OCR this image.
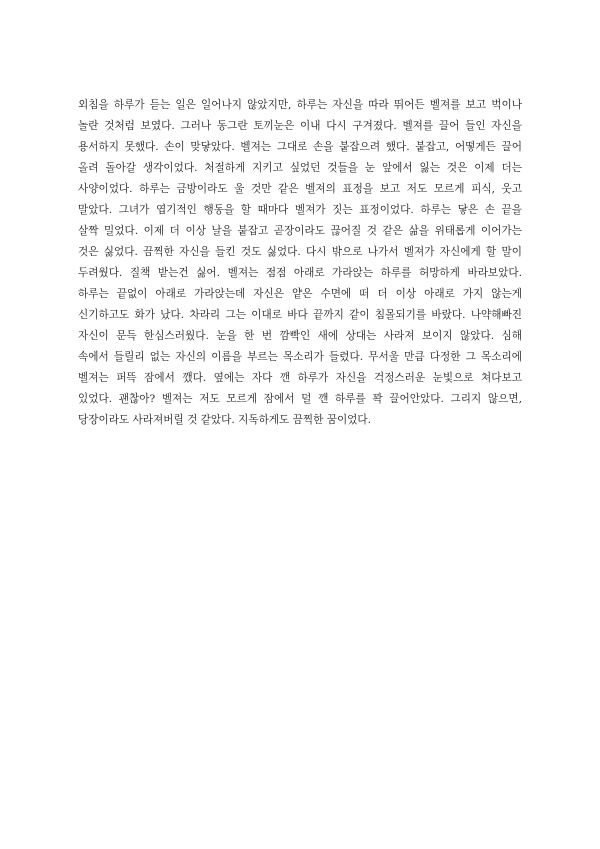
외침을 하루가 듣는 일은 일어나지 않았지만, 하루는 자신을 따라 뛰어든 벨져를 보고 벅이나
놀란 것처럼 보였다. 그러나 동그란 토끼눈은 이내 다시 구겨졌다. 벨져를 끌어 들인 자신을
용서하지 못했다. 손이 맞닿았다. 벨져는 그대로 손을 붙잡으려 했다. 붙잡고, 어떻게든 끌어
올려 돌아갈 생각이었다. 처절하게 지키고 싶었던 것들을 눈 앞에서 잃는 것은 이제 더는
사양이었다. 하루는 금방이라도 울 것만 같은 벨져의 표정을 보고 저도 모르게 피식, 웃고
말았다. 그녀가 엽기적인 행동을 할 때마다 벨져가 짓는 표정이었다. 하루는 닿은 손 끝을
살짝 밀었다. 이제 더 이상 날을 붙잡고 곧장이라도 끊어질 것 같은 삶을 위태롭게 이어가는
것은 싫었다. 끔찍한 자신을 들킨 것도 싫었다. 다시 밖으로 나가서 벨져가 자신에게 할 말이
두려웠다. 질책 받는건 싫어. 벨져는 점점 아래로 가라앉는 하루를 허망하게 바라보았다.
하루는 끝없이 아래로 가라앉는데 자신은 얕은 수면에 떠 더 이상 아래로 가지 않는게
신기하고도 화가 났다. 차라리 그는 이대로 바다 끝까지 같이 침몰되기를 바랐다. 나약해빠진
자신이 문득 한심스러웠다. 눈을 한 번 깜빡인 새에 상대는 사라져 보이지 않았다. 심해
속에서 들릴리 없는 자신의 이름을 부르는 목소리가 들렸다. 무서울 만큼 다정한 그 목소리에
벨져는 퍼뜩 잠에서 깼다. 옆에는 자다 깬 하루가 자신을 걱정스러운 눈빛으로 쳐다보고
있었다. 괜찮아? 벨져는 저도 모르게 잠에서 덜 깬 하루를 꽉 끌어안았다. 그리지 않으면,
당장이라도 사라져버릴 것 같았다. 지독하게도 끔찍한 꿈이었다.
